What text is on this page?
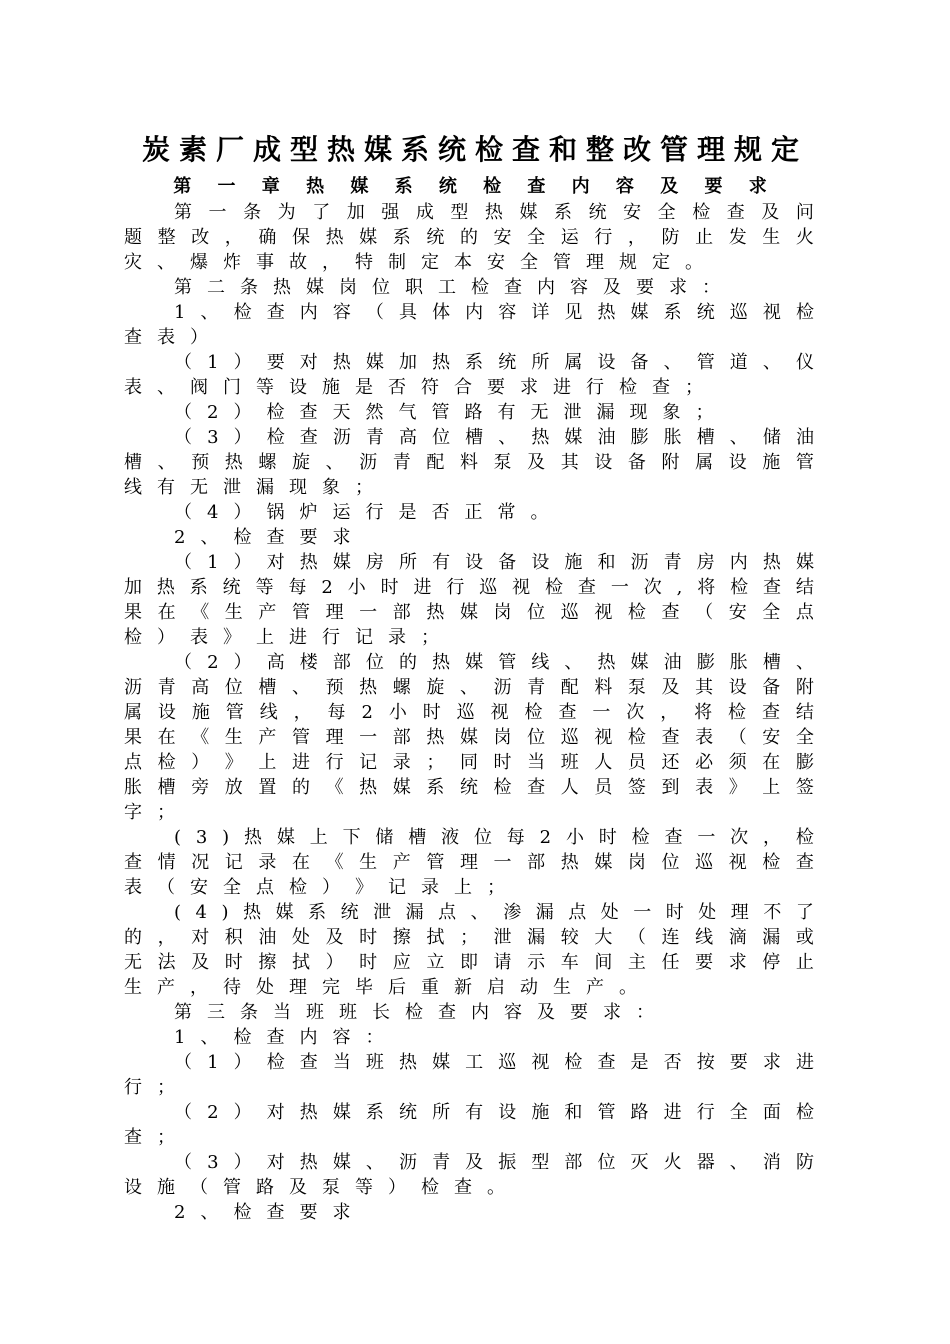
炭素厂成型热媒系统检查和整改管理规定
第 一 章 热 媒 系 统 检 查 内 容 及 要 求
第 一 条 为 了 加 强 成 型 热 媒 系 统 安 全 检 查 及 问
题 整 改 ， 确 保 热 媒 系 统 的 安 全 运 行 ， 防 止 发 生 火
灾 、 爆 炸 事 故 ， 特 制 定 本 安 全 管 理 规 定 。
第 二 条 热 媒 岗 位 职 工 检 查 内 容 及 要 求 ：
1 、 检 查 内 容 （ 具 体 内 容 详 见 热 媒 系 统 巡 视 检
查 表 ）
（ 1 ） 要 对 热 媒 加 热 系 统 所 属 设 备 、 管 道 、 仪
表 、 阀 门 等 设 施 是 否 符 合 要 求 进 行 检 查 ；
（ 2 ） 检 查 天 然 气 管 路 有 无 泄 漏 现 象 ；
（ 3 ） 检 查 沥 青 高 位 槽 、 热 媒 油 膨 胀 槽 、 储 油
槽 、 预 热 螺 旋 、 沥 青 配 料 泵 及 其 设 备 附 属 设 施 管
线 有 无 泄 漏 现 象 ；
（ 4 ） 锅 炉 运 行 是 否 正 常 。
2 、 检 查 要 求
（ 1 ） 对 热 媒 房 所 有 设 备 设 施 和 沥 青 房 内 热 媒
加 热 系 统 等 每 2 小 时 进 行 巡 视 检 查 一 次 , 将 检 查 结
果 在 《 生 产 管 理 一 部 热 媒 岗 位 巡 视 检 查 （ 安 全 点
检 ） 表 》 上 进 行 记 录 ；
（ 2 ） 高 楼 部 位 的 热 媒 管 线 、 热 媒 油 膨 胀 槽 、
沥 青 高 位 槽 、 预 热 螺 旋 、 沥 青 配 料 泵 及 其 设 备 附
属 设 施 管 线 ， 每 2 小 时 巡 视 检 查 一 次 ， 将 检 查 结
果 在 《 生 产 管 理 一 部 热 媒 岗 位 巡 视 检 查 表 （ 安 全
点 检 ） 》 上 进 行 记 录 ； 同 时 当 班 人 员 还 必 须 在 膨
胀 槽 旁 放 置 的 《 热 媒 系 统 检 查 人 员 签 到 表 》 上 签
字 ；
( 3 ) 热 媒 上 下 储 槽 液 位 每 2 小 时 检 查 一 次 ， 检
查 情 况 记 录 在 《 生 产 管 理 一 部 热 媒 岗 位 巡 视 检 查
表 （ 安 全 点 检 ） 》 记 录 上 ；
( 4 ) 热 媒 系 统 泄 漏 点 、 渗 漏 点 处 一 时 处 理 不 了
的 ， 对 积 油 处 及 时 擦 拭 ； 泄 漏 较 大 （ 连 线 滴 漏 或
无 法 及 时 擦 拭 ） 时 应 立 即 请 示 车 间 主 任 要 求 停 止
生 产 ， 待 处 理 完 毕 后 重 新 启 动 生 产 。
第 三 条 当 班 班 长 检 查 内 容 及 要 求 ：
1 、 检 查 内 容 ：
（ 1 ） 检 查 当 班 热 媒 工 巡 视 检 查 是 否 按 要 求 进
行 ；
（ 2 ） 对 热 媒 系 统 所 有 设 施 和 管 路 进 行 全 面 检
查 ；
（ 3 ） 对 热 媒 、 沥 青 及 振 型 部 位 灭 火 器 、 消 防
设 施 （ 管 路 及 泵 等 ） 检 查 。
2 、 检 查 要 求
